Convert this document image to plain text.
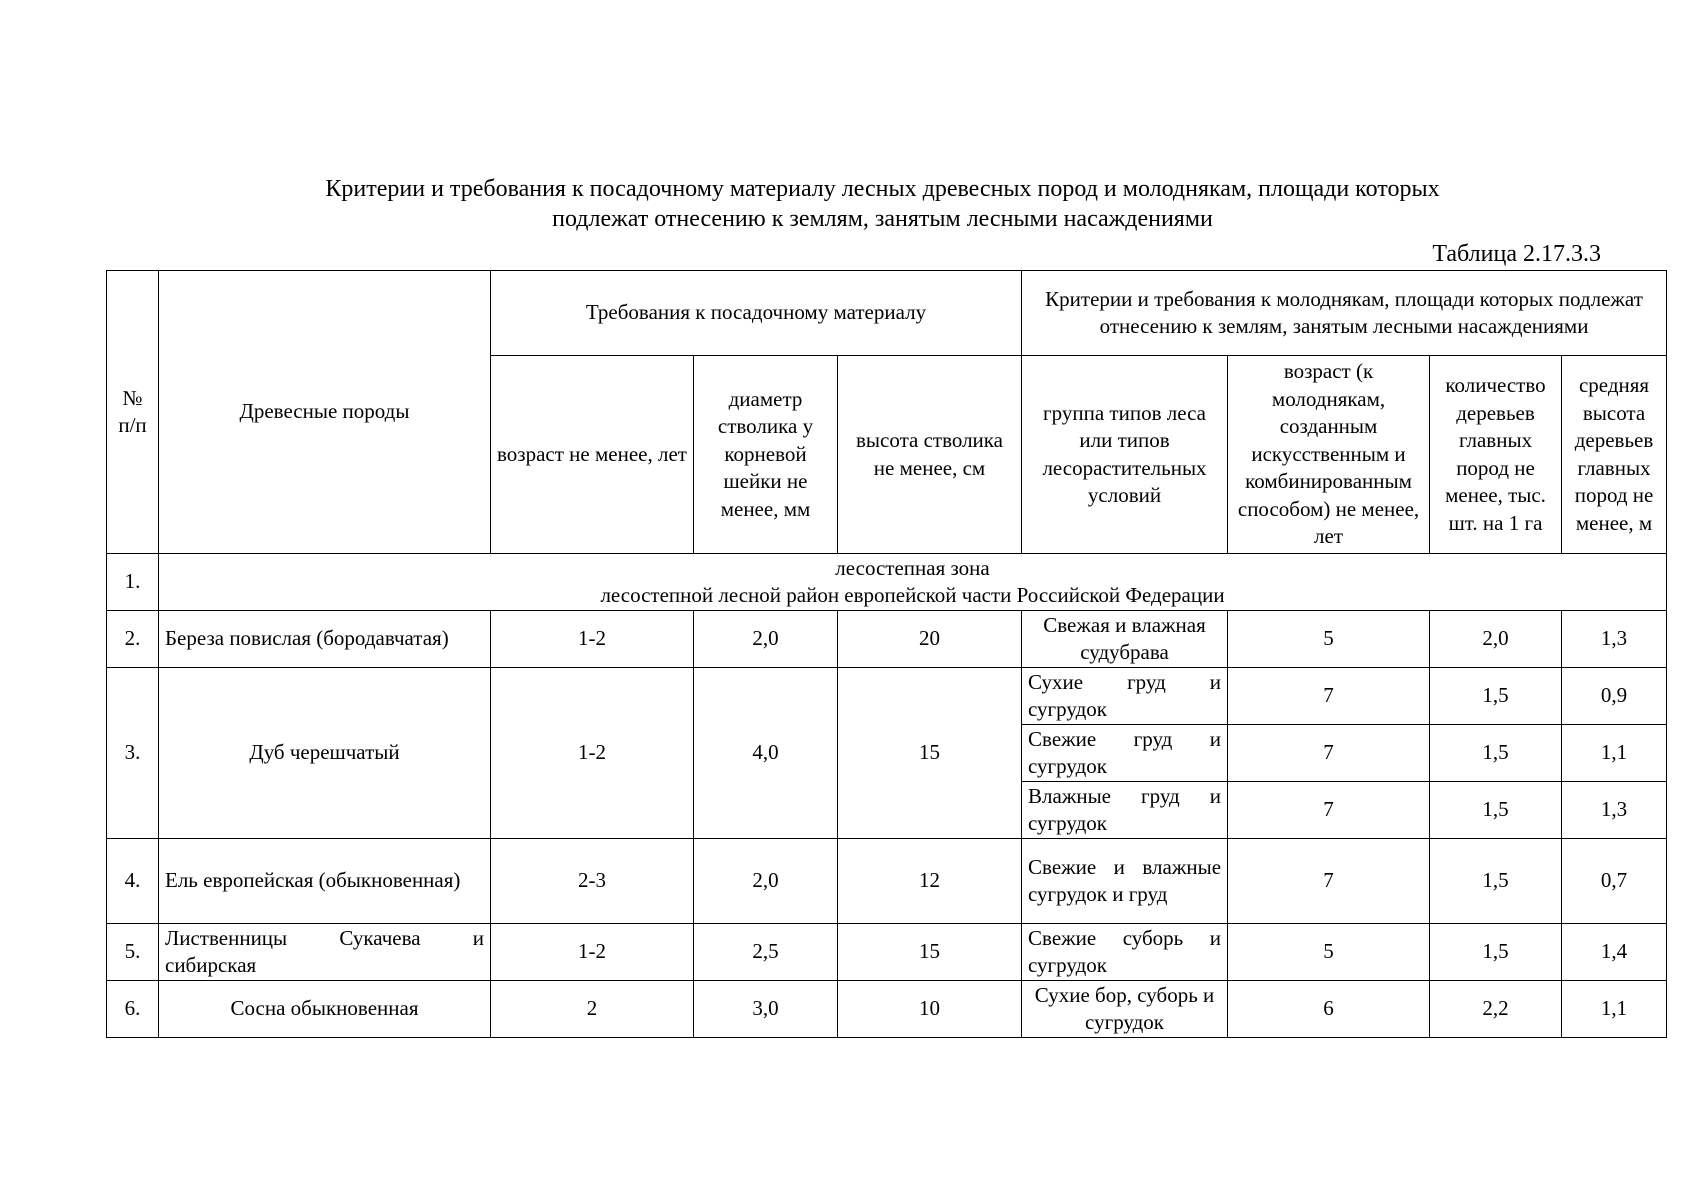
Критерии и требования к посадочному материалу лесных древесных пород и молоднякам, площади которых
подлежат отнесению к землям, занятым лесными насаждениями
Таблица 2.17.3.3
№ п/п	Древесные породы	Требования к посадочному материалу			Критерии и требования к молоднякам, площади которых подлежат отнесению к землям, занятым лесными насаждениями			
		возраст не менее, лет	диаметр стволика у корневой шейки не менее, мм	высота стволика не менее, см	группа типов леса или типов лесорастительных условий	возраст (к молоднякам, созданным искусственным и комбинированным способом) не менее, лет	количество деревьев главных пород не менее, тыс. шт. на 1 га	средняя высота деревьев главных пород не менее, м
1.	лесостепная зона
лесостепной лесной район европейской части Российской Федерации							

2.	Береза повислая (бородавчатая)	1-2	2,0	20	Свежая и влажная судубрава	5	2,0	1,3
3.	Дуб черешчатый	1-2	4,0	15	Сухие груд и сугрудок	7	1,5	0,9
					Свежие груд и сугрудок	7	1,5	1,1
					Влажные груд и сугрудок	7	1,5	1,3
4.	Ель европейская (обыкновенная)	2-3	2,0	12	Свежие и влажные сугрудок и груд	7	1,5	0,7
5.	Лиственницы Сукачева и сибирская	1-2	2,5	15	Свежие суборь и сугрудок	5	1,5	1,4
6.	Сосна обыкновенная	2	3,0	10	Сухие бор, суборь и сугрудок	6	2,2	1,1
